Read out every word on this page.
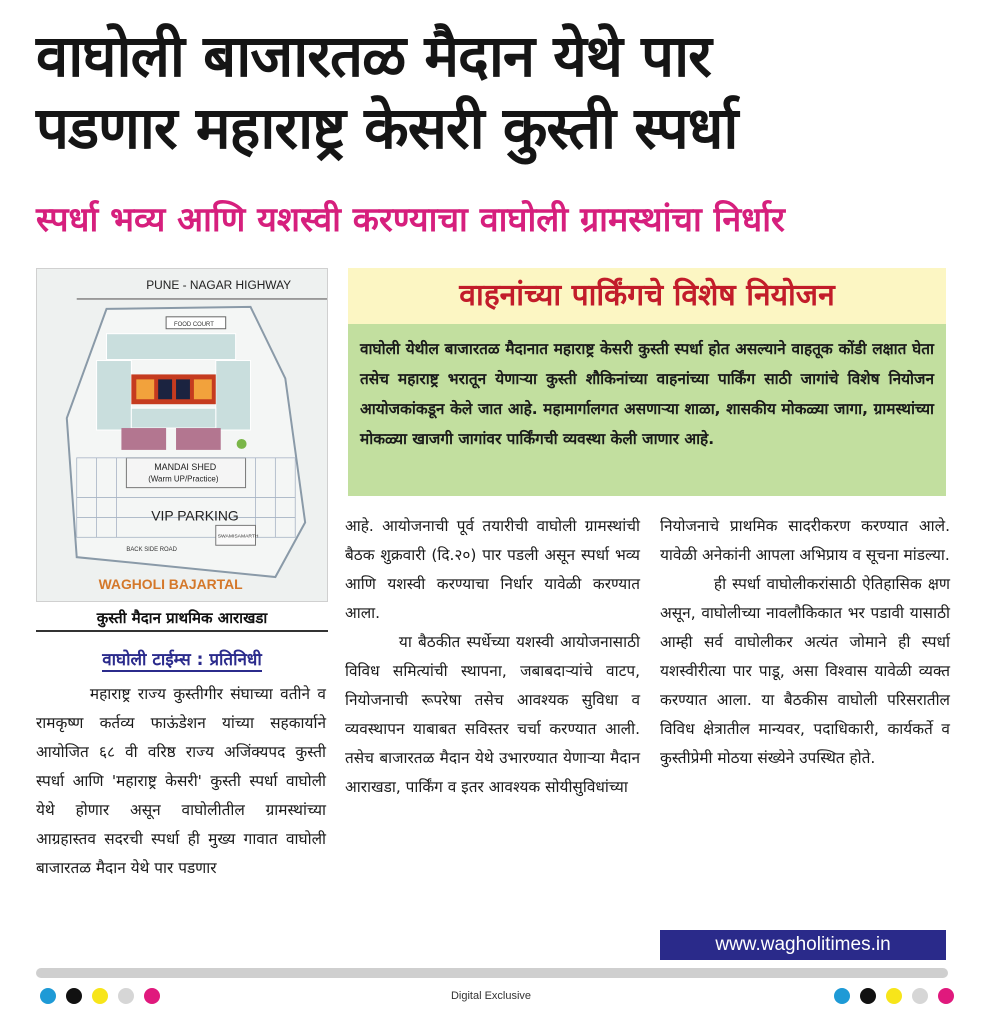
वाघोली बाजारतळ मैदान येथे पार
पडणार महाराष्ट्र केसरी कुस्ती स्पर्धा
स्पर्धा भव्य आणि यशस्वी करण्याचा वाघोली ग्रामस्थांचा निर्धार
PUNE - NAGAR HIGHWAY
FOOD COURT
MANDAI SHED
(Warm UP/Practice)
VIP PARKING
SWAMISAMARTH
BACK SIDE ROAD
WAGHOLI BAJARTAL
कुस्ती मैदान प्राथमिक आराखडा
वाघोली टाईम्स : प्रतिनिधी

महाराष्ट्र राज्य कुस्तीगीर संघाच्या वतीने व रामकृष्ण कर्तव्य फाऊंडेशन यांच्या सहकार्याने आयोजित ६८ वी वरिष्ठ राज्य अजिंक्यपद कुस्ती स्पर्धा आणि 'महाराष्ट्र केसरी' कुस्ती स्पर्धा वाघोली येथे होणार असून वाघोलीतील ग्रामस्थांच्या आग्रहास्तव सदरची स्पर्धा ही मुख्य गावात वाघोली बाजारतळ मैदान येथे पार पडणार

वाहनांच्या पार्किंगचे विशेष नियोजन
वाघोली येथील बाजारतळ मैदानात महाराष्ट्र केसरी कुस्ती स्पर्धा होत असल्याने वाहतूक कोंडी लक्षात घेता तसेच महाराष्ट्र भरातून येणाऱ्या कुस्ती शौकिनांच्या वाहनांच्या पार्किंग साठी जागांचे विशेष नियोजन आयोजकांकडून केले जात आहे. महामार्गालगत असणाऱ्या शाळा, शासकीय मोकळ्या जागा, ग्रामस्थांच्या मोकळ्या खाजगी जागांवर पार्किंगची व्यवस्था केली जाणार आहे.

आहे. आयोजनाची पूर्व तयारीची वाघोली ग्रामस्थांची बैठक शुक्रवारी (दि.२०) पार पडली असून स्पर्धा भव्य आणि यशस्वी करण्याचा निर्धार यावेळी करण्यात आला.

या बैठकीत स्पर्धेच्या यशस्वी आयोजनासाठी विविध समित्यांची स्थापना, जबाबदाऱ्यांचे वाटप, नियोजनाची रूपरेषा तसेच आवश्यक सुविधा व व्यवस्थापन याबाबत सविस्तर चर्चा करण्यात आली. तसेच बाजारतळ मैदान येथे उभारण्यात येणाऱ्या मैदान आराखडा, पार्किंग व इतर आवश्यक सोयीसुविधांच्या

नियोजनाचे प्राथमिक सादरीकरण करण्यात आले. यावेळी अनेकांनी आपला अभिप्राय व सूचना मांडल्या.

ही स्पर्धा वाघोलीकरांसाठी ऐतिहासिक क्षण असून, वाघोलीच्या नावलौकिकात भर पडावी यासाठी आम्ही सर्व वाघोलीकर अत्यंत जोमाने ही स्पर्धा यशस्वीरीत्या पार पाडू, असा विश्वास यावेळी व्यक्त करण्यात आला. या बैठकीस वाघोली परिसरातील विविध क्षेत्रातील मान्यवर, पदाधिकारी, कार्यकर्ते व कुस्तीप्रेमी मोठया संख्येने उपस्थित होते.

www.wagholitimes.in
Digital Exclusive
